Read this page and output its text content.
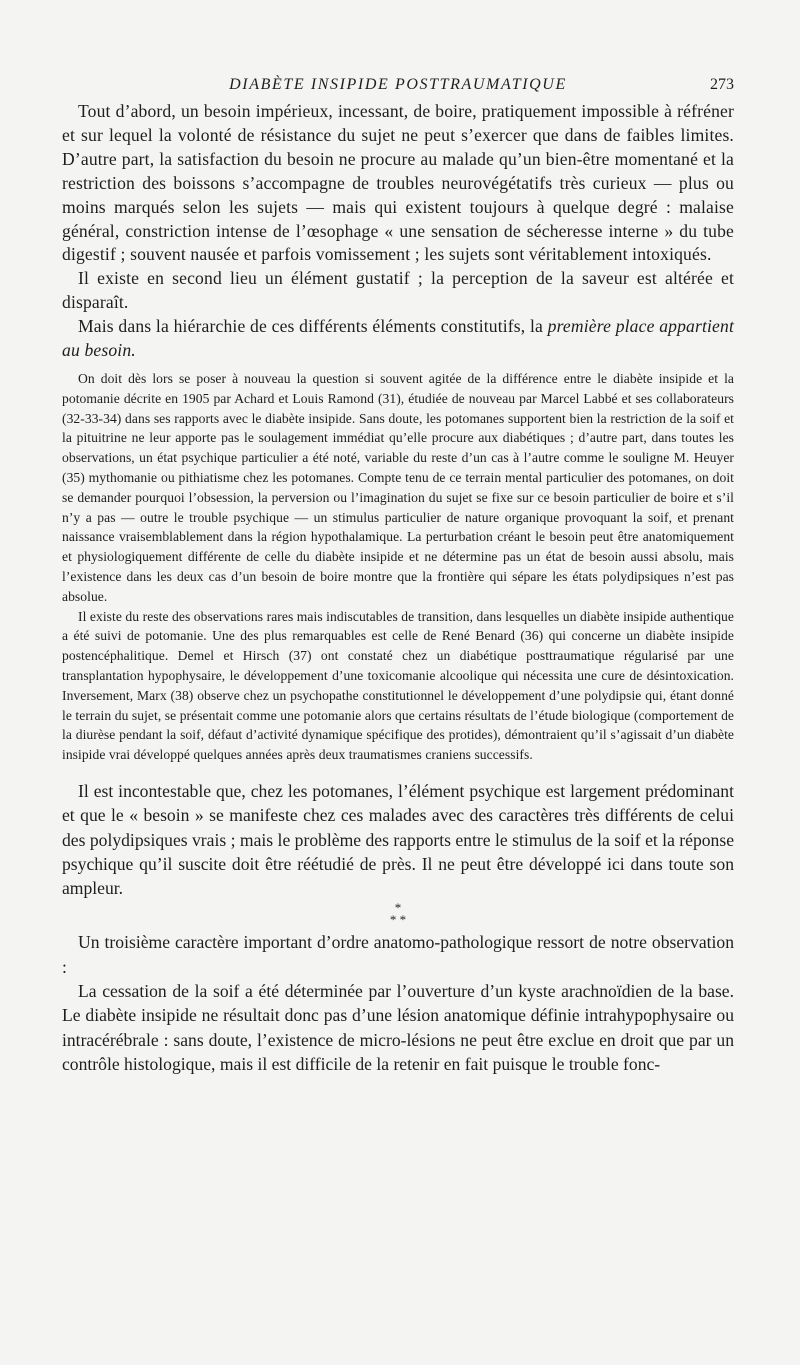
DIABÈTE INSIPIDE POSTTRAUMATIQUE	273

Tout d’abord, un besoin impérieux, incessant, de boire, pratiquement impossible à réfréner et sur lequel la volonté de résistance du sujet ne peut s’exercer que dans de faibles limites. D’autre part, la satisfaction du besoin ne procure au malade qu’un bien-être momentané et la restriction des boissons s’accompagne de troubles neurovégétatifs très curieux — plus ou moins marqués selon les sujets — mais qui existent toujours à quelque degré : malaise général, constriction intense de l’œsophage « une sensation de sécheresse interne » du tube digestif ; souvent nausée et parfois vomissement ; les sujets sont véritablement intoxiqués.

Il existe en second lieu un élément gustatif ; la perception de la saveur est altérée et disparaît.

Mais dans la hiérarchie de ces différents éléments constitutifs, la première place appartient au besoin.

On doit dès lors se poser à nouveau la question si souvent agitée de la différence entre le diabète insipide et la potomanie décrite en 1905 par Achard et Louis Ramond (31), étudiée de nouveau par Marcel Labbé et ses collaborateurs (32-33-34) dans ses rapports avec le diabète insipide. Sans doute, les potomanes supportent bien la restriction de la soif et la pituitrine ne leur apporte pas le soulagement immédiat qu’elle procure aux diabétiques ; d’autre part, dans toutes les observations, un état psychique particulier a été noté, variable du reste d’un cas à l’autre comme le souligne M. Heuyer (35) mythomanie ou pithiatisme chez les potomanes. Compte tenu de ce terrain mental particulier des potomanes, on doit se demander pourquoi l’obsession, la perversion ou l’imagination du sujet se fixe sur ce besoin particulier de boire et s’il n’y a pas — outre le trouble psychique — un stimulus particulier de nature organique provoquant la soif, et prenant naissance vraisemblablement dans la région hypothalamique. La perturbation créant le besoin peut être anatomiquement et physiologiquement différente de celle du diabète insipide et ne détermine pas un état de besoin aussi absolu, mais l’existence dans les deux cas d’un besoin de boire montre que la frontière qui sépare les états polydipsiques n’est pas absolue.

Il existe du reste des observations rares mais indiscutables de transition, dans lesquelles un diabète insipide authentique a été suivi de potomanie. Une des plus remarquables est celle de René Benard (36) qui concerne un diabète insipide postencéphalitique. Demel et Hirsch (37) ont constaté chez un diabétique posttraumatique régularisé par une transplantation hypophysaire, le développement d’une toxicomanie alcoolique qui nécessita une cure de désintoxication. Inversement, Marx (38) observe chez un psychopathe constitutionnel le développement d’une polydipsie qui, étant donné le terrain du sujet, se présentait comme une potomanie alors que certains résultats de l’étude biologique (comportement de la diurèse pendant la soif, défaut d’activité dynamique spécifique des protides), démontraient qu’il s’agissait d’un diabète insipide vrai développé quelques années après deux traumatismes craniens successifs.

Il est incontestable que, chez les potomanes, l’élément psychique est largement prédominant et que le « besoin » se manifeste chez ces malades avec des caractères très différents de celui des polydipsiques vrais ; mais le problème des rapports entre le stimulus de la soif et la réponse psychique qu’il suscite doit être réétudié de près. Il ne peut être développé ici dans toute son ampleur.

*
* *

Un troisième caractère important d’ordre anatomo-pathologique ressort de notre observation :

La cessation de la soif a été déterminée par l’ouverture d’un kyste arachnoïdien de la base. Le diabète insipide ne résultait donc pas d’une lésion anatomique définie intrahypophysaire ou intracérébrale : sans doute, l’existence de micro-lésions ne peut être exclue en droit que par un contrôle histologique, mais il est difficile de la retenir en fait puisque le trouble fonc-
